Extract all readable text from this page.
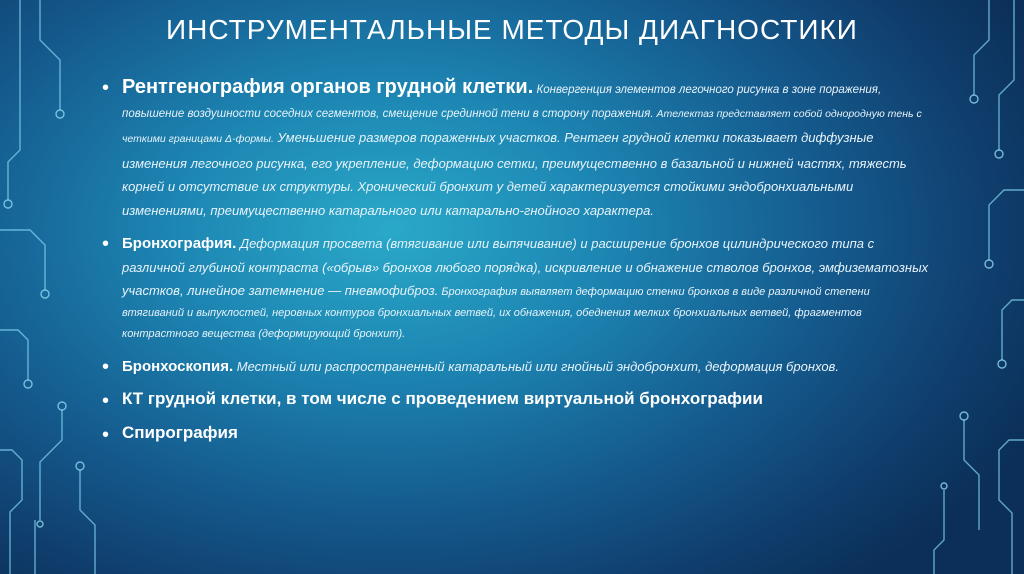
ИНСТРУМЕНТАЛЬНЫЕ МЕТОДЫ ДИАГНОСТИКИ
• Рентгенография органов грудной клетки. Конвергенция элементов легочного рисунка в зоне поражения, повышение воздушности соседних сегментов, смещение срединной тени в сторону поражения. Ателектаз представляет собой однородную тень с четкими границами Δ-формы. Уменьшение размеров пораженных участков. Рентген грудной клетки показывает диффузные изменения легочного рисунка, его укрепление, деформацию сетки, преимущественно в базальной и нижней частях, тяжесть корней и отсутствие их структуры. Хронический бронхит у детей характеризуется стойкими эндобронхиальными изменениями, преимущественно катарального или катарально-гнойного характера.
• Бронхография. Деформация просвета (втягивание или выпячивание) и расширение бронхов цилиндрического типа с различной глубиной контраста («обрыв» бронхов любого порядка), искривление и обнажение стволов бронхов, эмфизематозных участков, линейное затемнение — пневмофиброз. Бронхография выявляет деформацию стенки бронхов в виде различной степени втягиваний и выпуклостей, неровных контуров бронхиальных ветвей, их обнажения, обеднения мелких бронхиальных ветвей, фрагментов контрастного вещества (деформирующий бронхит).
• Бронхоскопия. Местный или распространенный катаральный или гнойный эндобронхит, деформация бронхов.
• КТ грудной клетки, в том числе с проведением виртуальной бронхографии
• Спирография
